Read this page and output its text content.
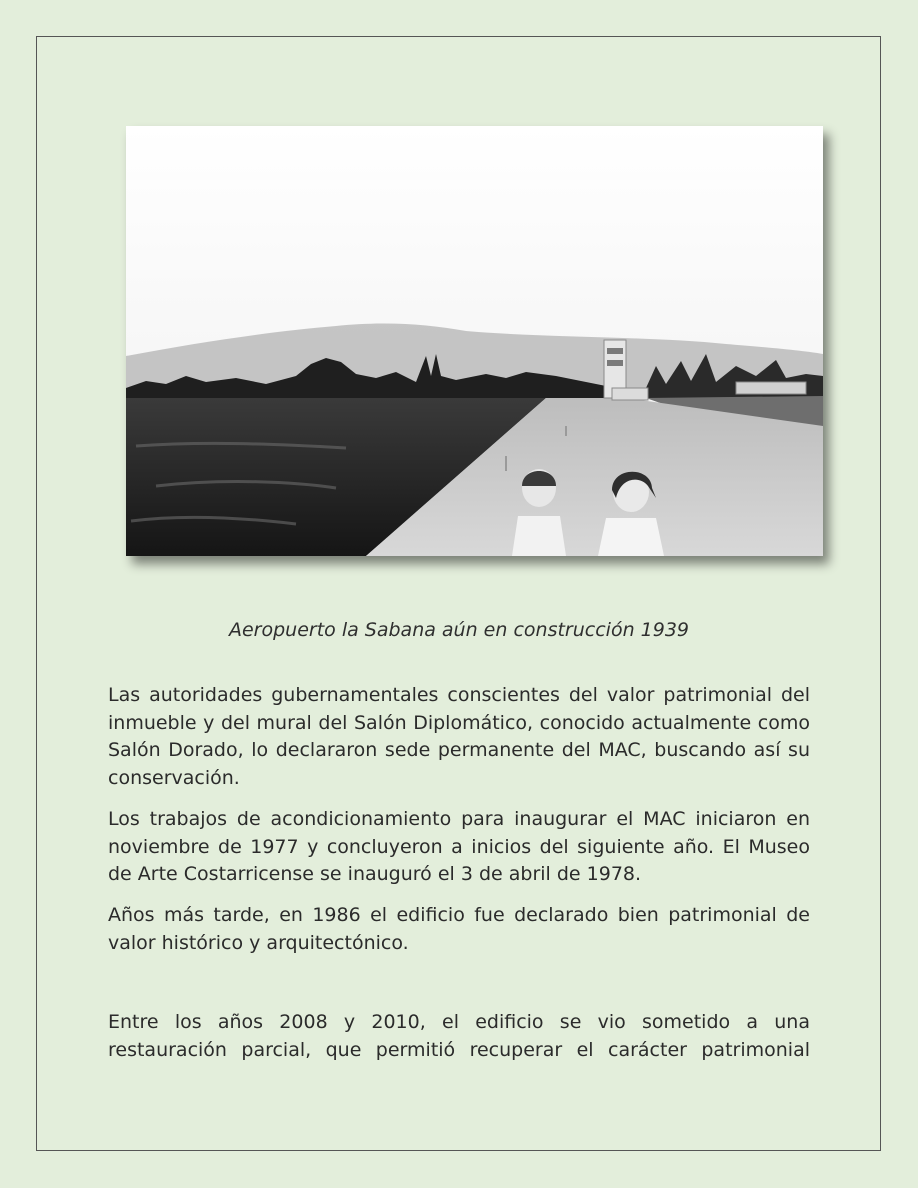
Aeropuerto la Sabana aún en construcción 1939

Las autoridades gubernamentales conscientes del valor patrimonial del inmueble y del mural del Salón Diplomático, conocido actualmente como Salón Dorado, lo declararon sede permanente del MAC, buscando así su conservación.

Los trabajos de acondicionamiento para inaugurar el MAC iniciaron en noviembre de 1977 y concluyeron a inicios del siguiente año. El Museo de Arte Costarricense se inauguró el 3 de abril de 1978.

Años más tarde, en 1986 el edificio fue declarado bien patrimonial de valor histórico y arquitectónico.

Entre los años 2008 y 2010, el edificio se vio sometido a una restauración parcial, que permitió recuperar el carácter patrimonial
